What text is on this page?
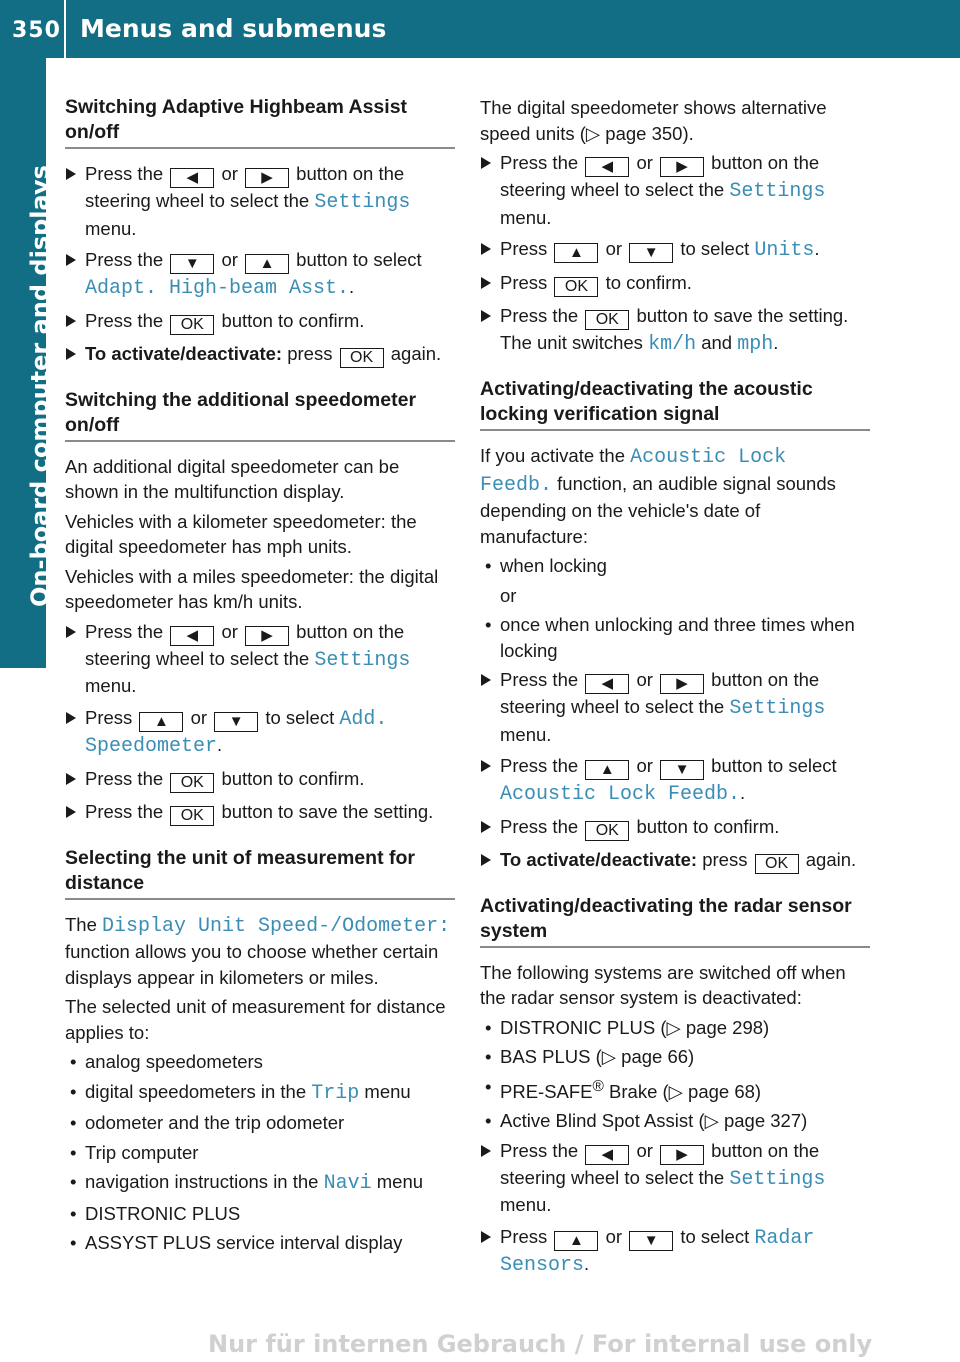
350 Menus and submenus
On-board computer and displays
Switching Adaptive Highbeam Assist on/off
Press the ◀ or ▶ button on the steering wheel to select the Settings menu.
Press the ▼ or ▲ button to select Adapt. High-beam Asst..
Press the OK button to confirm.
To activate/deactivate: press OK again.
Switching the additional speedometer on/off

An additional digital speedometer can be shown in the multifunction display.

Vehicles with a kilometer speedometer: the digital speedometer has mph units.

Vehicles with a miles speedometer: the digital speedometer has km/h units.

Press the ◀ or ▶ button on the steering wheel to select the Settings menu.
Press ▲ or ▼ to select Add. Speedometer.
Press the OK button to confirm.
Press the OK button to save the setting.
Selecting the unit of measurement for distance

The Display Unit Speed-/Odometer: function allows you to choose whether certain displays appear in kilometers or miles.

The selected unit of measurement for distance applies to:

• analog speedometers
• digital speedometers in the Trip menu
• odometer and the trip odometer
• Trip computer
• navigation instructions in the Navi menu
• DISTRONIC PLUS
• ASSYST PLUS service interval display

The digital speedometer shows alternative speed units (▷ page 350).

Press the ◀ or ▶ button on the steering wheel to select the Settings menu.
Press ▲ or ▼ to select Units.
Press OK to confirm.
Press the OK button to save the setting. The unit switches km/h and mph.
Activating/deactivating the acoustic locking verification signal

If you activate the Acoustic Lock Feedb. function, an audible signal sounds depending on the vehicle's date of manufacture:

• when locking
or
• once when unlocking and three times when locking
Press the ◀ or ▶ button on the steering wheel to select the Settings menu.
Press the ▲ or ▼ button to select Acoustic Lock Feedb..
Press the OK button to confirm.
To activate/deactivate: press OK again.
Activating/deactivating the radar sensor system

The following systems are switched off when the radar sensor system is deactivated:

• DISTRONIC PLUS (▷ page 298)
• BAS PLUS (▷ page 66)
• PRE-SAFE® Brake (▷ page 68)
• Active Blind Spot Assist (▷ page 327)
Press the ◀ or ▶ button on the steering wheel to select the Settings menu.
Press ▲ or ▼ to select Radar Sensors.
Nur für internen Gebrauch / For internal use only
